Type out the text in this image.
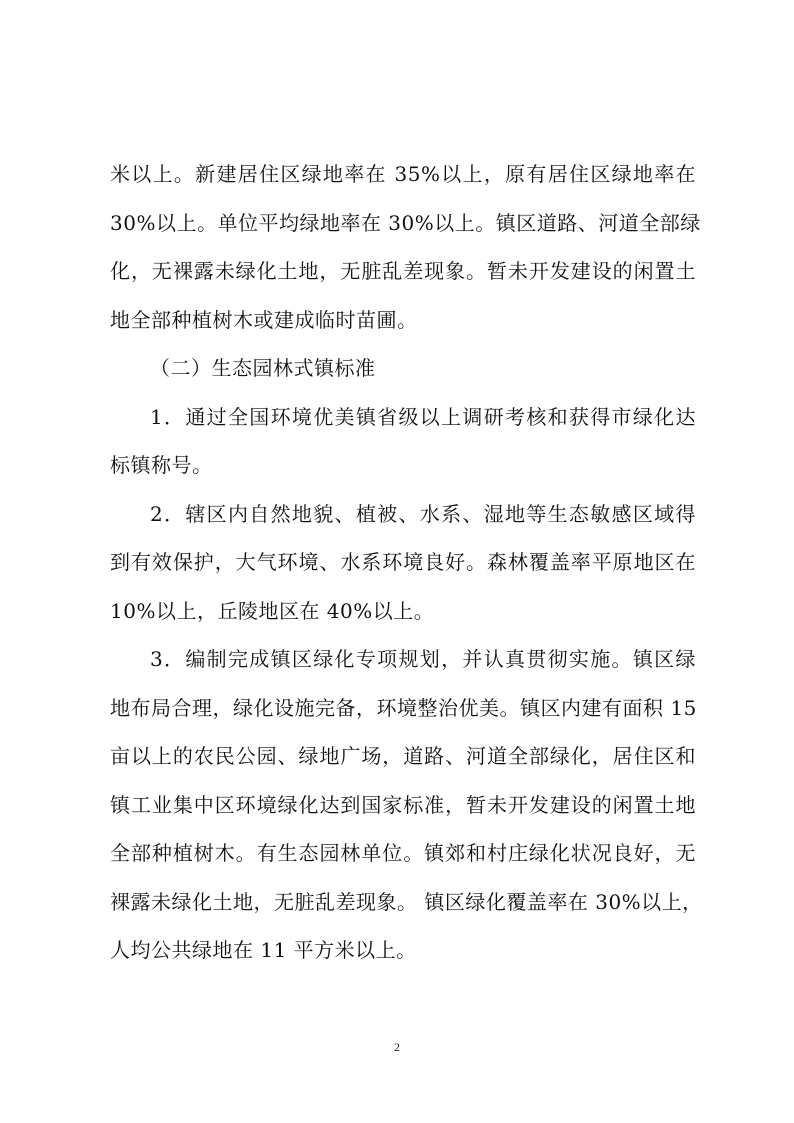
米以上。新建居住区绿地率在 35%以上，原有居住区绿地率在
30%以上。单位平均绿地率在 30%以上。镇区道路、河道全部绿
化，无裸露未绿化土地，无脏乱差现象。暂未开发建设的闲置土
地全部种植树木或建成临时苗圃。

（二）生态园林式镇标准

1．通过全国环境优美镇省级以上调研考核和获得市绿化达
标镇称号。

2．辖区内自然地貌、植被、水系、湿地等生态敏感区域得
到有效保护，大气环境、水系环境良好。森林覆盖率平原地区在
10%以上，丘陵地区在 40%以上。

3．编制完成镇区绿化专项规划，并认真贯彻实施。镇区绿
地布局合理，绿化设施完备，环境整治优美。镇区内建有面积 15
亩以上的农民公园、绿地广场，道路、河道全部绿化，居住区和
镇工业集中区环境绿化达到国家标准，暂未开发建设的闲置土地
全部种植树木。有生态园林单位。镇郊和村庄绿化状况良好，无
裸露未绿化土地，无脏乱差现象。 镇区绿化覆盖率在 30%以上，
人均公共绿地在 11 平方米以上。

2
